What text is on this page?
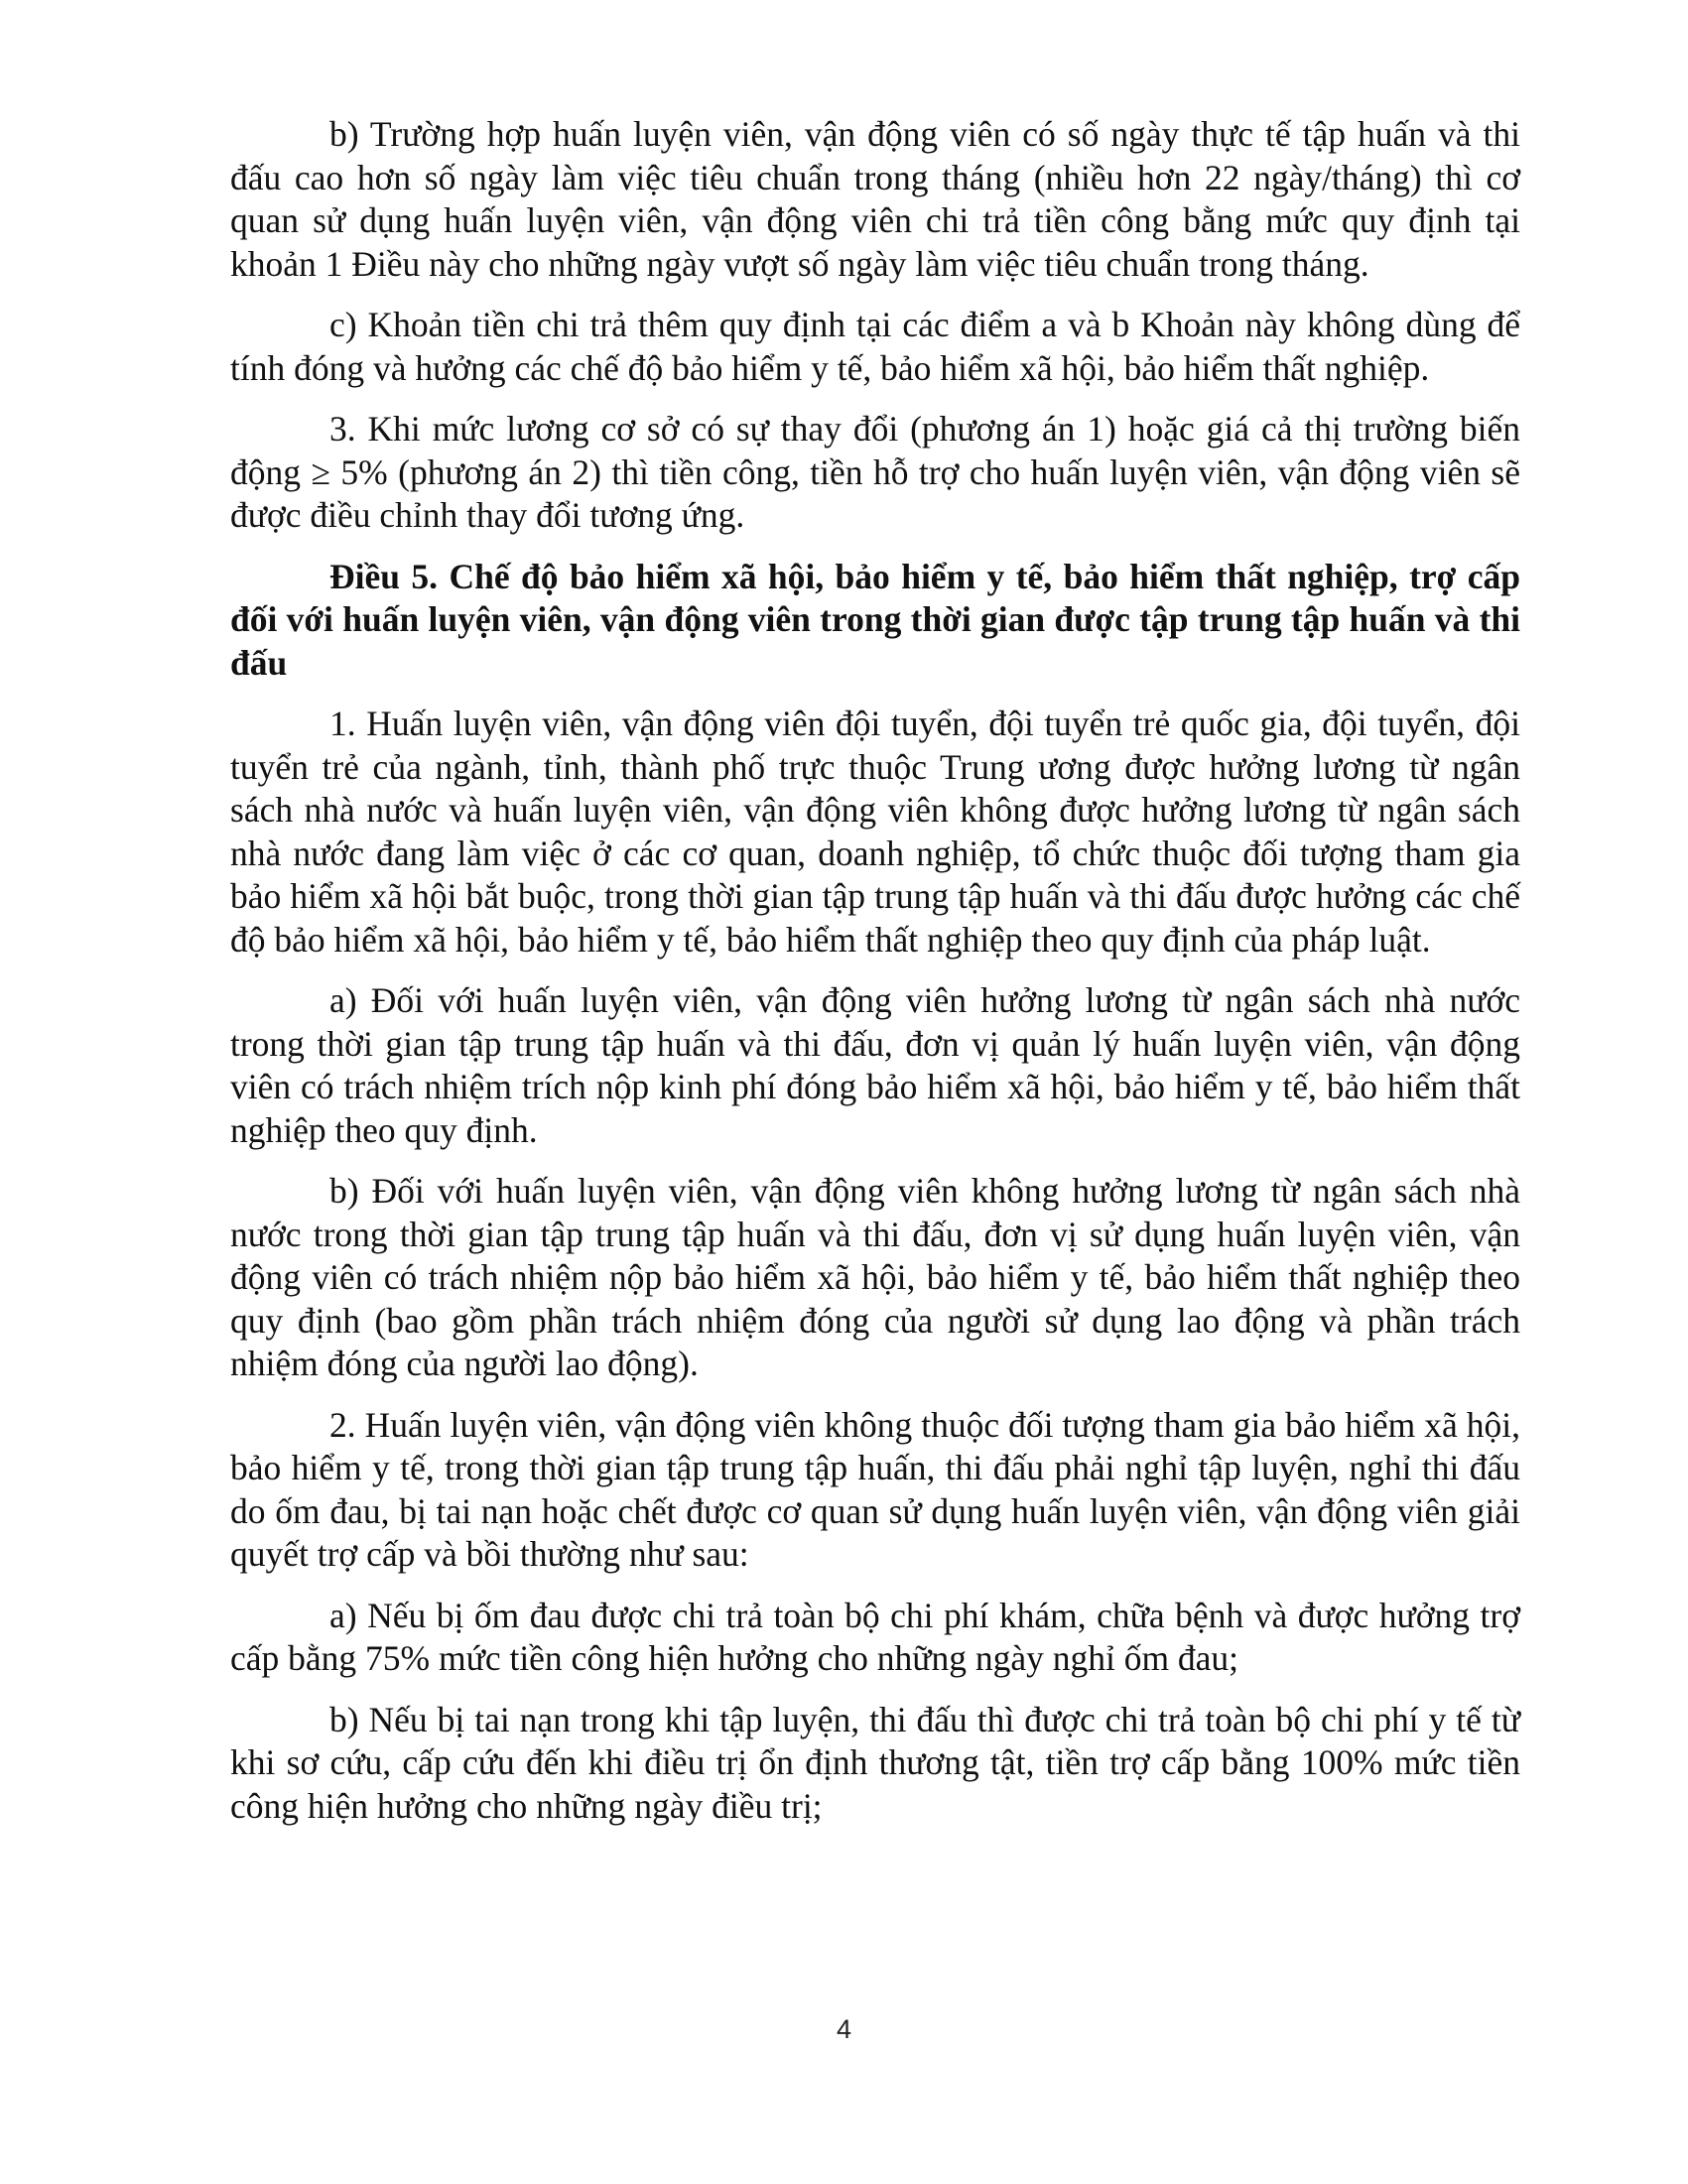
b) Trường hợp huấn luyện viên, vận động viên có số ngày thực tế tập huấn và thi đấu cao hơn số ngày làm việc tiêu chuẩn trong tháng (nhiều hơn 22 ngày/tháng) thì cơ quan sử dụng huấn luyện viên, vận động viên chi trả tiền công bằng mức quy định tại khoản 1 Điều này cho những ngày vượt số ngày làm việc tiêu chuẩn trong tháng.

c) Khoản tiền chi trả thêm quy định tại các điểm a và b Khoản này không dùng để tính đóng và hưởng các chế độ bảo hiểm y tế, bảo hiểm xã hội, bảo hiểm thất nghiệp.

3. Khi mức lương cơ sở có sự thay đổi (phương án 1) hoặc giá cả thị trường biến động ≥ 5% (phương án 2) thì tiền công, tiền hỗ trợ cho huấn luyện viên, vận động viên sẽ được điều chỉnh thay đổi tương ứng.

Điều 5. Chế độ bảo hiểm xã hội, bảo hiểm y tế, bảo hiểm thất nghiệp, trợ cấp đối với huấn luyện viên, vận động viên trong thời gian được tập trung tập huấn và thi đấu

1. Huấn luyện viên, vận động viên đội tuyển, đội tuyển trẻ quốc gia, đội tuyển, đội tuyển trẻ của ngành, tỉnh, thành phố trực thuộc Trung ương được hưởng lương từ ngân sách nhà nước và huấn luyện viên, vận động viên không được hưởng lương từ ngân sách nhà nước đang làm việc ở các cơ quan, doanh nghiệp, tổ chức thuộc đối tượng tham gia bảo hiểm xã hội bắt buộc, trong thời gian tập trung tập huấn và thi đấu được hưởng các chế độ bảo hiểm xã hội, bảo hiểm y tế, bảo hiểm thất nghiệp theo quy định của pháp luật.

a) Đối với huấn luyện viên, vận động viên hưởng lương từ ngân sách nhà nước trong thời gian tập trung tập huấn và thi đấu, đơn vị quản lý huấn luyện viên, vận động viên có trách nhiệm trích nộp kinh phí đóng bảo hiểm xã hội, bảo hiểm y tế, bảo hiểm thất nghiệp theo quy định.

b) Đối với huấn luyện viên, vận động viên không hưởng lương từ ngân sách nhà nước trong thời gian tập trung tập huấn và thi đấu, đơn vị sử dụng huấn luyện viên, vận động viên có trách nhiệm nộp bảo hiểm xã hội, bảo hiểm y tế, bảo hiểm thất nghiệp theo quy định (bao gồm phần trách nhiệm đóng của người sử dụng lao động và phần trách nhiệm đóng của người lao động).

2. Huấn luyện viên, vận động viên không thuộc đối tượng tham gia bảo hiểm xã hội, bảo hiểm y tế, trong thời gian tập trung tập huấn, thi đấu phải nghỉ tập luyện, nghỉ thi đấu do ốm đau, bị tai nạn hoặc chết được cơ quan sử dụng huấn luyện viên, vận động viên giải quyết trợ cấp và bồi thường như sau:

a) Nếu bị ốm đau được chi trả toàn bộ chi phí khám, chữa bệnh và được hưởng trợ cấp bằng 75% mức tiền công hiện hưởng cho những ngày nghỉ ốm đau;

b) Nếu bị tai nạn trong khi tập luyện, thi đấu thì được chi trả toàn bộ chi phí y tế từ khi sơ cứu, cấp cứu đến khi điều trị ổn định thương tật, tiền trợ cấp bằng 100% mức tiền công hiện hưởng cho những ngày điều trị;

4
